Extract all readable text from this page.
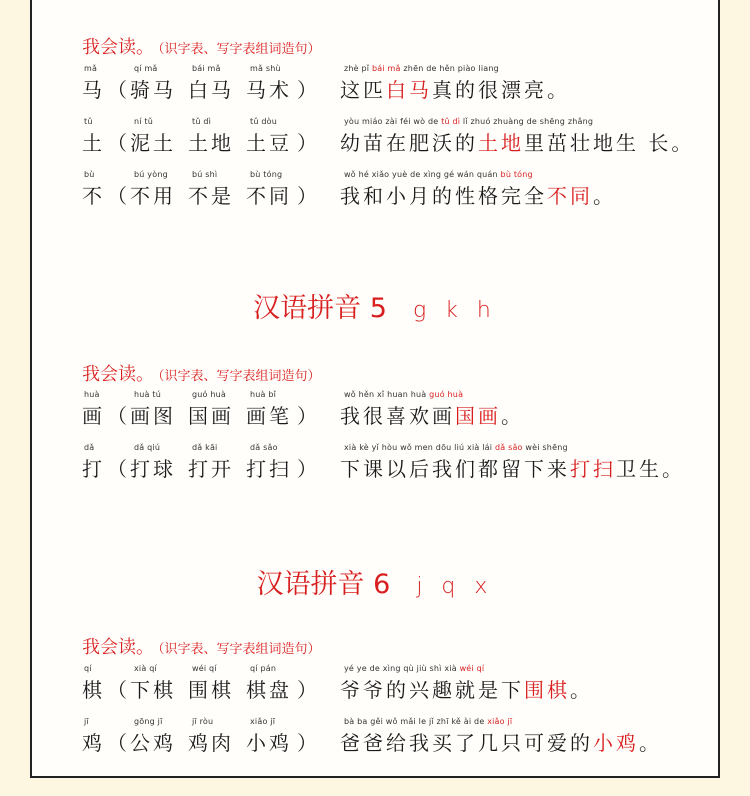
我会读。 （识字表、写字表组词造句）
mǎ
马 （
qí mǎ
骑马
bái mǎ
白马
mǎ shù
马术 ）
zhè pǐ bái mǎ zhēn de hěn piào liang
这匹白马真的很漂亮。
tǔ
土 （
ní tǔ
泥土
tǔ dì
土地
tǔ dòu
土豆 ）
yòu miáo zài féi wò de tǔ dì lǐ zhuó zhuàng de shēng zhǎng
幼苗在肥沃的土地里茁壮地生 长。
bù
不 （
bú yòng
不用
bú shì
不是
bù tóng
不同 ）
wǒ hé xiǎo yuè de xìng gé wán quán bù tóng
我和小月的性格完全不同。
汉语拼音 5 g k h
我会读。 （识字表、写字表组词造句）
huà
画 （
huà tú
画图
guó huà
国画
huà bǐ
画笔 ）
wǒ hěn xǐ huan huà guó huà
我很喜欢画国画。
dǎ
打 （
dǎ qiú
打球
dǎ kāi
打开
dǎ sǎo
打扫 ）
xià kè yǐ hòu wǒ men dōu liú xià lái dǎ sǎo wèi shēng
下课以后我们都留下来打扫卫生。
汉语拼音 6 j q x
我会读。 （识字表、写字表组词造句）
qí
棋 （
xià qí
下棋
wéi qí
围棋
qí pán
棋盘 ）
yé ye de xìng qù jiù shì xià wéi qí
爷爷的兴趣就是下围棋。
jī
鸡 （
gōng jī
公鸡
jī ròu
鸡肉
xiǎo jī
小鸡 ）
bà ba gěi wǒ mǎi le jǐ zhī kě ài de xiǎo jī
爸爸给我买了几只可爱的小鸡。
